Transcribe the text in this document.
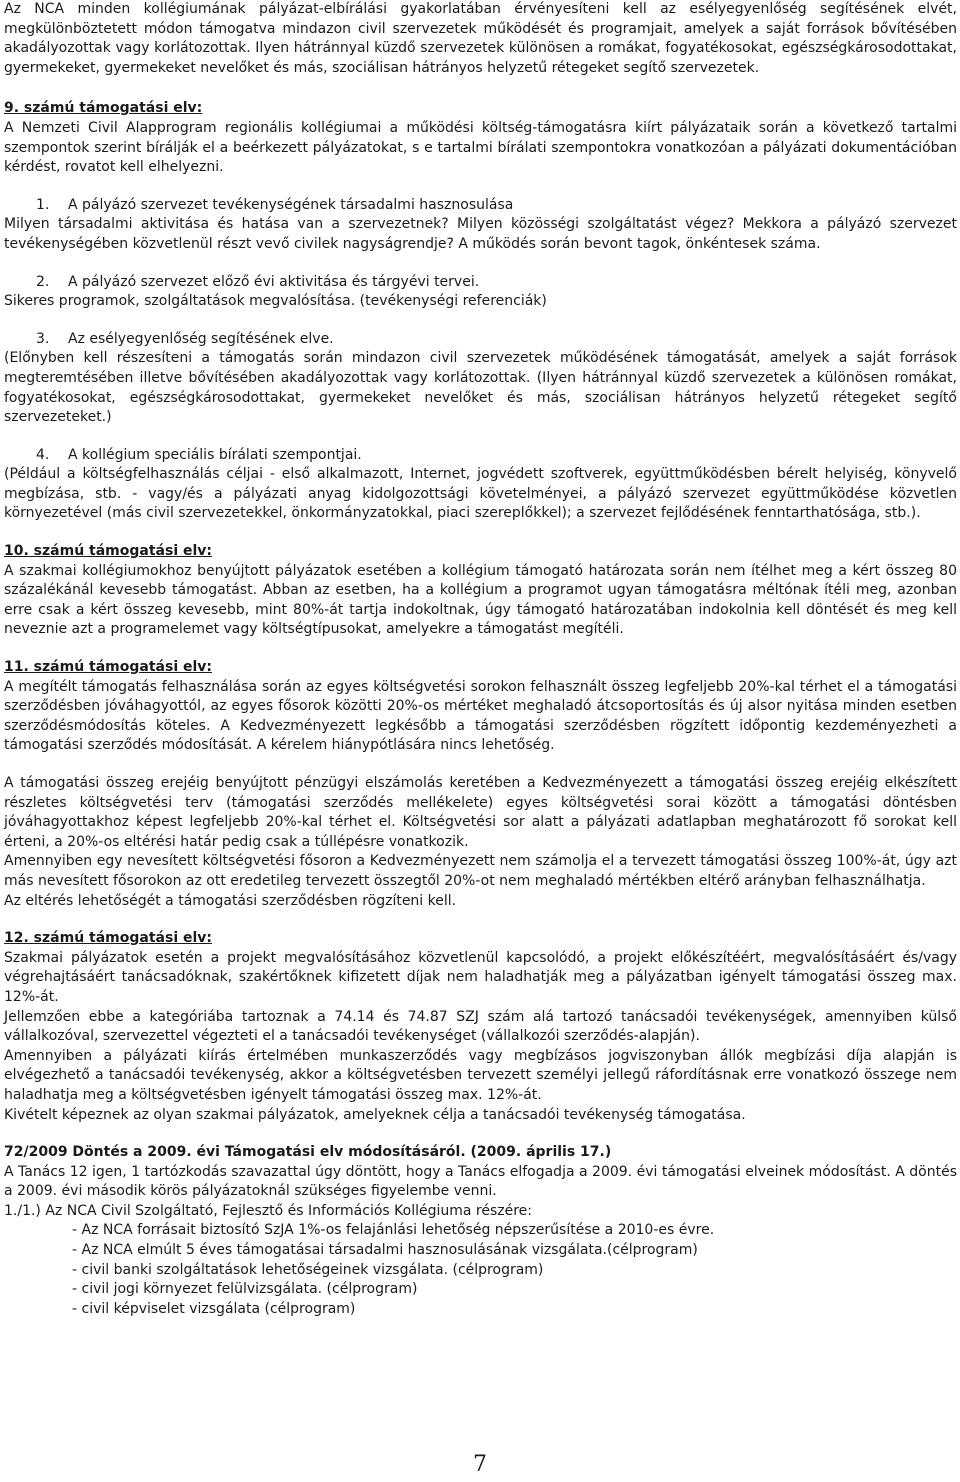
Az NCA minden kollégiumának pályázat-elbírálási gyakorlatában érvényesíteni kell az esélyegyenlőség segítésének elvét, megkülönböztetett módon támogatva mindazon civil szervezetek működését és programjait, amelyek a saját források bővítésében akadályozottak vagy korlátozottak. Ilyen hátránnyal küzdő szervezetek különösen a romákat, fogyatékosokat, egészségkárosodottakat, gyermekeket, gyermekeket nevelőket és más, szociálisan hátrányos helyzetű rétegeket segítő szervezetek.

9. számú támogatási elv:

A Nemzeti Civil Alapprogram regionális kollégiumai a működési költség-támogatásra kiírt pályázataik során a következő tartalmi szempontok szerint bírálják el a beérkezett pályázatokat, s e tartalmi bírálati szempontokra vonatkozóan a pályázati dokumentációban kérdést, rovatot kell elhelyezni.

1. A pályázó szervezet tevékenységének társadalmi hasznosulása

Milyen társadalmi aktivitása és hatása van a szervezetnek? Milyen közösségi szolgáltatást végez? Mekkora a pályázó szervezet tevékenységében közvetlenül részt vevő civilek nagyságrendje? A működés során bevont tagok, önkéntesek száma.

2. A pályázó szervezet előző évi aktivitása és tárgyévi tervei.

Sikeres programok, szolgáltatások megvalósítása. (tevékenységi referenciák)

3. Az esélyegyenlőség segítésének elve.

(Előnyben kell részesíteni a támogatás során mindazon civil szervezetek működésének támogatását, amelyek a saját források megteremtésében illetve bővítésében akadályozottak vagy korlátozottak. (Ilyen hátránnyal küzdő szervezetek a különösen romákat, fogyatékosokat, egészségkárosodottakat, gyermekeket nevelőket és más, szociálisan hátrányos helyzetű rétegeket segítő szervezeteket.)

4. A kollégium speciális bírálati szempontjai.

(Például a költségfelhasználás céljai - első alkalmazott, Internet, jogvédett szoftverek, együttműködésben bérelt helyiség, könyvelő megbízása, stb. - vagy/és a pályázati anyag kidolgozottsági követelményei, a pályázó szervezet együttműködése közvetlen környezetével (más civil szervezetekkel, önkormányzatokkal, piaci szereplőkkel); a szervezet fejlődésének fenntarthatósága, stb.).

10. számú támogatási elv:

A szakmai kollégiumokhoz benyújtott pályázatok esetében a kollégium támogató határozata során nem ítélhet meg a kért összeg 80 százalékánál kevesebb támogatást. Abban az esetben, ha a kollégium a programot ugyan támogatásra méltónak ítéli meg, azonban erre csak a kért összeg kevesebb, mint 80%-át tartja indokoltnak, úgy támogató határozatában indokolnia kell döntését és meg kell neveznie azt a programelemet vagy költségtípusokat, amelyekre a támogatást megítéli.

11. számú támogatási elv:

A megítélt támogatás felhasználása során az egyes költségvetési sorokon felhasznált összeg legfeljebb 20%-kal térhet el a támogatási szerződésben jóváhagyottól, az egyes fősorok közötti 20%-os mértéket meghaladó átcsoportosítás és új alsor nyitása minden esetben szerződésmódosítás köteles. A Kedvezményezett legkésőbb a támogatási szerződésben rögzített időpontig kezdeményezheti a támogatási szerződés módosítását. A kérelem hiánypótlására nincs lehetőség.

A támogatási összeg erejéig benyújtott pénzügyi elszámolás keretében a Kedvezményezett a támogatási összeg erejéig elkészített részletes költségvetési terv (támogatási szerződés mellékelete) egyes költségvetési sorai között a támogatási döntésben jóváhagyottakhoz képest legfeljebb 20%-kal térhet el. Költségvetési sor alatt a pályázati adatlapban meghatározott fő sorokat kell érteni, a 20%-os eltérési határ pedig csak a túllépésre vonatkozik.

Amennyiben egy nevesített költségvetési fősoron a Kedvezményezett nem számolja el a tervezett támogatási összeg 100%-át, úgy azt más nevesített fősorokon az ott eredetileg tervezett összegtől 20%-ot nem meghaladó mértékben eltérő arányban felhasználhatja.

Az eltérés lehetőségét a támogatási szerződésben rögzíteni kell.

12. számú támogatási elv:

Szakmai pályázatok esetén a projekt megvalósításához közvetlenül kapcsolódó, a projekt előkészítéért, megvalósításáért és/vagy végrehajtásáért tanácsadóknak, szakértőknek kifizetett díjak nem haladhatják meg a pályázatban igényelt támogatási összeg max. 12%-át.

Jellemzően ebbe a kategóriába tartoznak a 74.14 és 74.87 SZJ szám alá tartozó tanácsadói tevékenységek, amennyiben külső vállalkozóval, szervezettel végezteti el a tanácsadói tevékenységet (vállalkozói szerződés-alapján).

Amennyiben a pályázati kiírás értelmében munkaszerződés vagy megbízásos jogviszonyban állók megbízási díja alapján is elvégezhető a tanácsadói tevékenység, akkor a költségvetésben tervezett személyi jellegű ráfordításnak erre vonatkozó összege nem haladhatja meg a költségvetésben igényelt támogatási összeg max. 12%-át.

Kivételt képeznek az olyan szakmai pályázatok, amelyeknek célja a tanácsadói tevékenység támogatása.

72/2009 Döntés a 2009. évi Támogatási elv módosításáról. (2009. április 17.)

A Tanács 12 igen, 1 tartózkodás szavazattal úgy döntött, hogy a Tanács elfogadja a 2009. évi támogatási elveinek módosítást. A döntés a 2009. évi második körös pályázatoknál szükséges figyelembe venni.

1./1.) Az NCA Civil Szolgáltató, Fejlesztő és Információs Kollégiuma részére:

- Az NCA forrásait biztosító SzJA 1%-os felajánlási lehetőség népszerűsítése a 2010-es évre.
- Az NCA elmúlt 5 éves támogatásai társadalmi hasznosulásának vizsgálata.(célprogram)
- civil banki szolgáltatások lehetőségeinek vizsgálata. (célprogram)
- civil jogi környezet felülvizsgálata. (célprogram)
- civil képviselet vizsgálata (célprogram)
7
